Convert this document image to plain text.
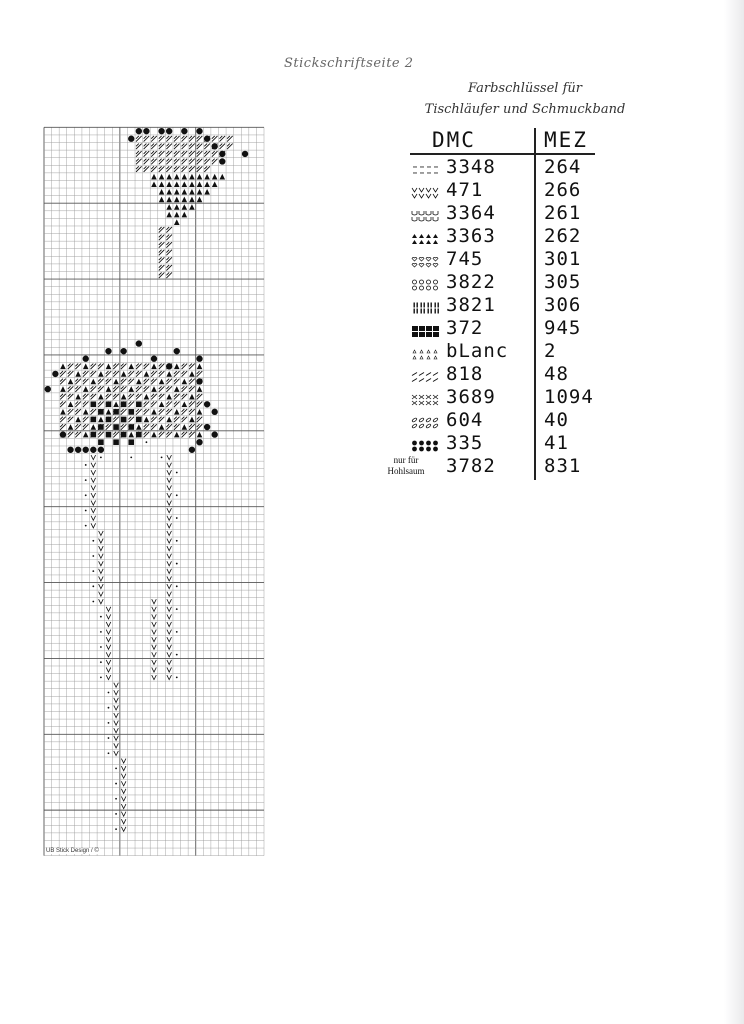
Stickschriftseite 2
Farbschlüssel für
Tischläufer und Schmuckband
UB Stick Design / ©
DMC	MEZ
3348	264
471	266
3364	261
3363	262
745	301
3822	305
3821	306
372	945
bLanc 2
818	48
3689	1094
604	40
335	41
nur für
Hohlsaum	3782	831
